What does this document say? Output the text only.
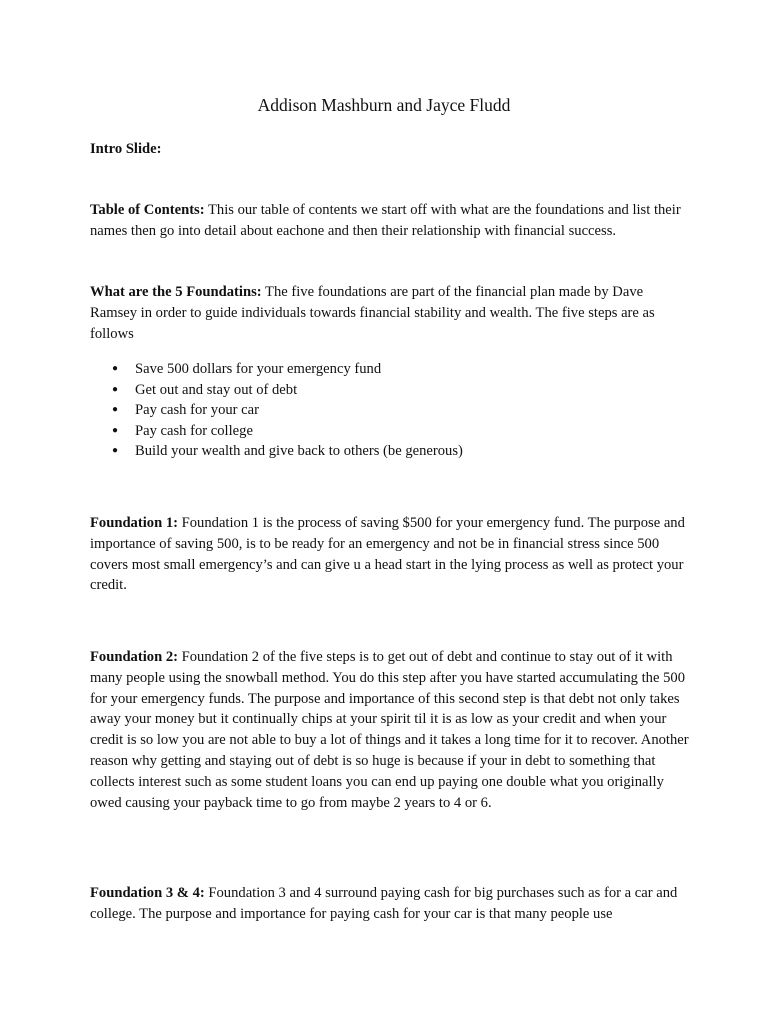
Addison Mashburn and Jayce Fludd

Intro Slide:

Table of Contents: This our table of contents we start off with what are the foundations and list their names then go into detail about eachone and then their relationship with financial success.

What are the 5 Foundatins: The five foundations are part of the financial plan made by Dave Ramsey in order to guide individuals towards financial stability and wealth. The five steps are as follows

● Save 500 dollars for your emergency fund
● Get out and stay out of debt
● Pay cash for your car
● Pay cash for college
● Build your wealth and give back to others (be generous)

Foundation 1: Foundation 1 is the process of saving $500 for your emergency fund. The purpose and importance of saving 500, is to be ready for an emergency and not be in financial stress since 500 covers most small emergency’s and can give u a head start in the lying process as well as protect your credit.

Foundation 2: Foundation 2 of the five steps is to get out of debt and continue to stay out of it with many people using the snowball method. You do this step after you have started accumulating the 500 for your emergency funds. The purpose and importance of this second step is that debt not only takes away your money but it continually chips at your spirit til it is as low as your credit and when your credit is so low you are not able to buy a lot of things and it takes a long time for it to recover. Another reason why getting and staying out of debt is so huge is because if your in debt to something that collects interest such as some student loans you can end up paying one double what you originally owed causing your payback time to go from maybe 2 years to 4 or 6.

Foundation 3 & 4: Foundation 3 and 4 surround paying cash for big purchases such as for a car and college. The purpose and importance for paying cash for your car is that many people use
